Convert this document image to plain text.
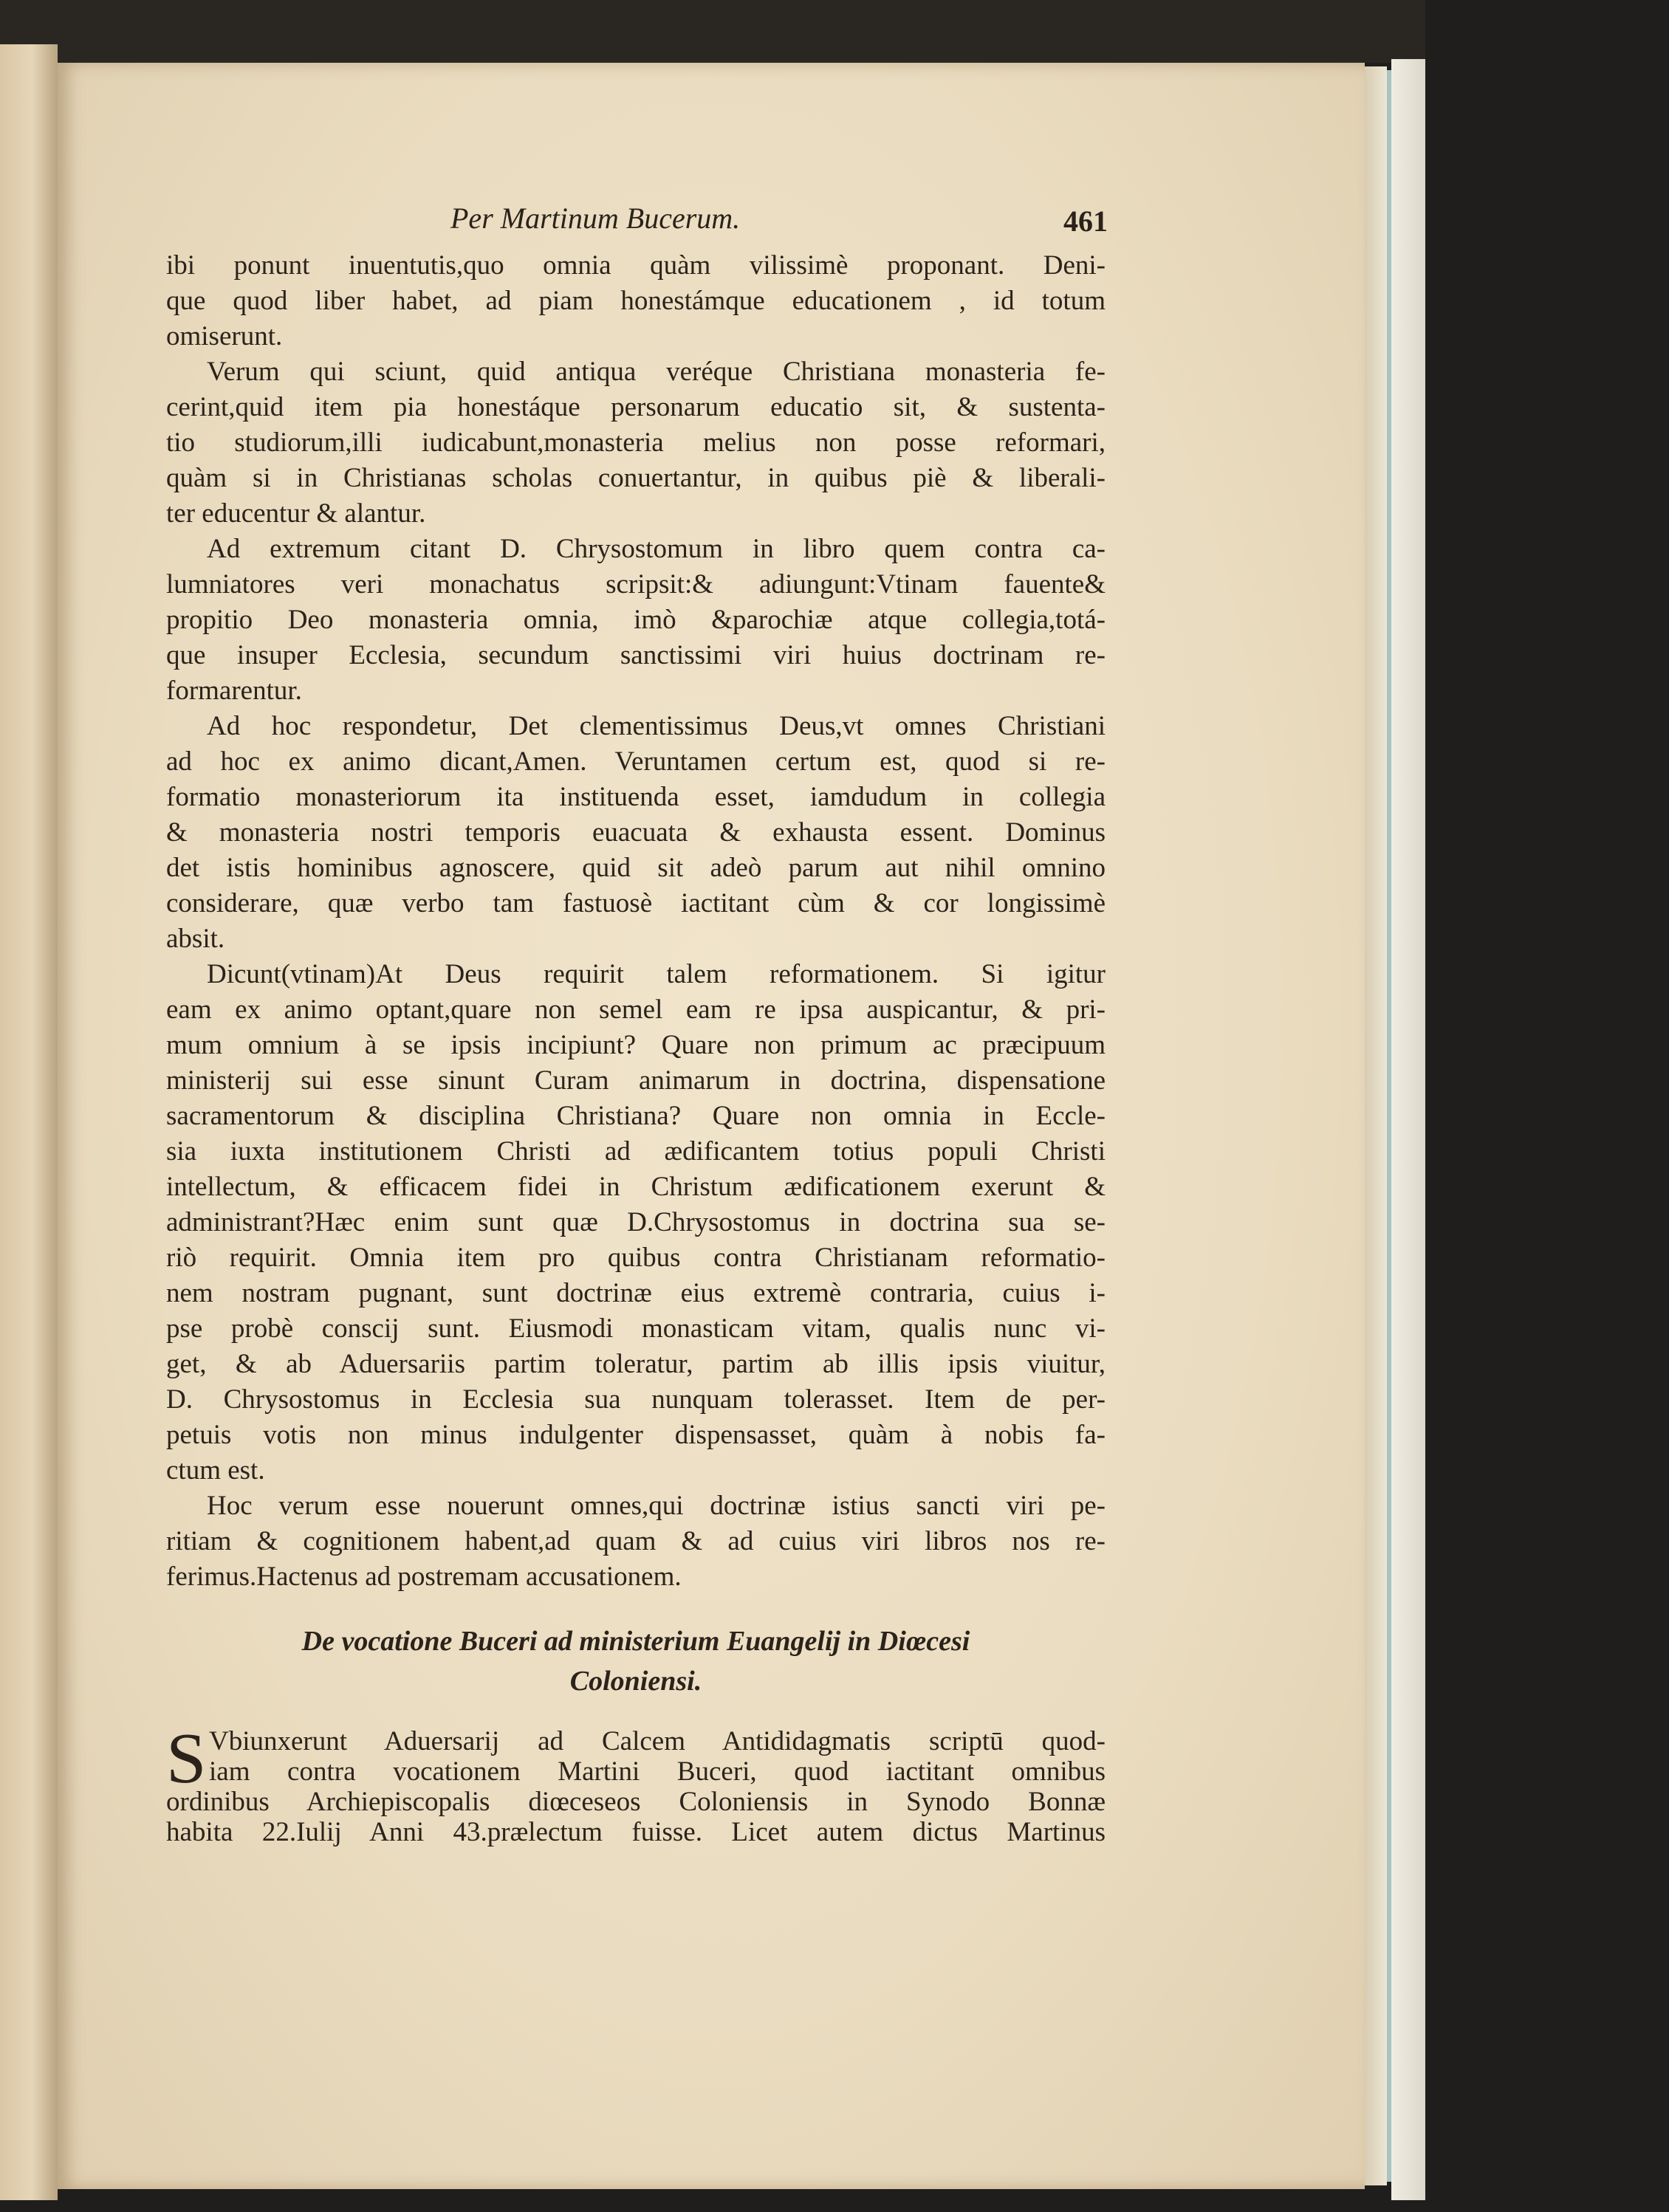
Per Martinum Bucerum.	461
ibi ponunt inuentutis,quo omnia quàm vilissimè proponant. Deni-
que quod liber habet, ad piam honestámque educationem , id totum
omiserunt.
Verum qui sciunt, quid antiqua veréque Christiana monasteria fe-
cerint,quid item pia honestáque personarum educatio sit, & sustenta-
tio studiorum,illi iudicabunt,monasteria melius non posse reformari,
quàm si in Christianas scholas conuertantur, in quibus piè & liberali-
ter educentur & alantur.
Ad extremum citant D. Chrysostomum in libro quem contra ca-
lumniatores veri monachatus scripsit:& adiungunt:Vtinam fauente&
propitio Deo monasteria omnia, imò &parochiæ atque collegia,totá-
que insuper Ecclesia, secundum sanctissimi viri huius doctrinam re-
formarentur.
Ad hoc respondetur, Det clementissimus Deus,vt omnes Christiani
ad hoc ex animo dicant,Amen. Veruntamen certum est, quod si re-
formatio monasteriorum ita instituenda esset, iamdudum in collegia
& monasteria nostri temporis euacuata & exhausta essent. Dominus
det istis hominibus agnoscere, quid sit adeò parum aut nihil omnino
considerare, quæ verbo tam fastuosè iactitant cùm & cor longissimè
absit.
Dicunt(vtinam)At Deus requirit talem reformationem. Si igitur
eam ex animo optant,quare non semel eam re ipsa auspicantur, & pri-
mum omnium à se ipsis incipiunt? Quare non primum ac præcipuum
ministerij sui esse sinunt Curam animarum in doctrina, dispensatione
sacramentorum & disciplina Christiana? Quare non omnia in Eccle-
sia iuxta institutionem Christi ad ædificantem totius populi Christi
intellectum, & efficacem fidei in Christum ædificationem exerunt &
administrant?Hæc enim sunt quæ D.Chrysostomus in doctrina sua se-
riò requirit. Omnia item pro quibus contra Christianam reformatio-
nem nostram pugnant, sunt doctrinæ eius extremè contraria, cuius i-
pse probè conscij sunt. Eiusmodi monasticam vitam, qualis nunc vi-
get, & ab Aduersariis partim toleratur, partim ab illis ipsis viuitur,
D. Chrysostomus in Ecclesia sua nunquam tolerasset. Item de per-
petuis votis non minus indulgenter dispensasset, quàm à nobis fa-
ctum est.
Hoc verum esse nouerunt omnes,qui doctrinæ istius sancti viri pe-
ritiam & cognitionem habent,ad quam & ad cuius viri libros nos re-
ferimus.Hactenus ad postremam accusationem.
De vocatione Buceri ad ministerium Euangelij in Diœcesi
Coloniensi.
S Vbiunxerunt Aduersarij ad Calcem Antididagmatis scriptū quod-
iam contra vocationem Martini Buceri, quod iactitant omnibus
ordinibus Archiepiscopalis diœceseos Coloniensis in Synodo Bonnæ
habita 22.Iulij Anni 43.prælectum fuisse. Licet autem dictus Martinus
